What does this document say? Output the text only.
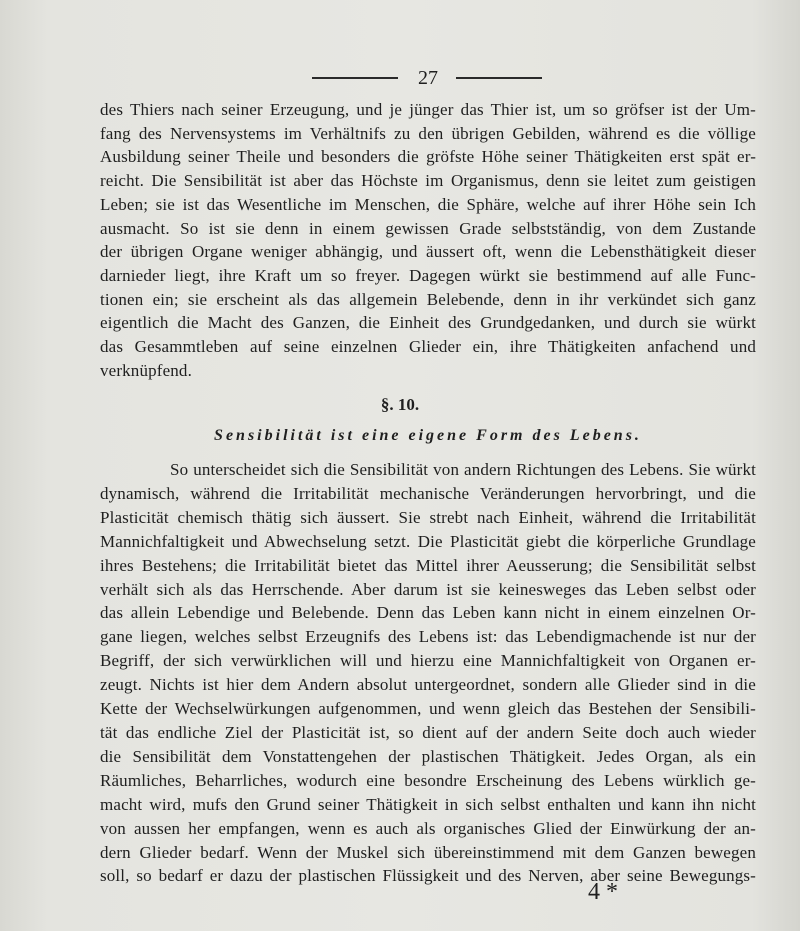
27
des Thiers nach seiner Erzeugung, und je jünger das Thier ist, um so gröfser ist der Um-
fang des Nervensystems im Verhältnifs zu den übrigen Gebilden, während es die völlige
Ausbildung seiner Theile und besonders die gröfste Höhe seiner Thätigkeiten erst spät er-
reicht. Die Sensibilität ist aber das Höchste im Organismus, denn sie leitet zum geistigen
Leben; sie ist das Wesentliche im Menschen, die Sphäre, welche auf ihrer Höhe sein Ich
ausmacht. So ist sie denn in einem gewissen Grade selbstständig, von dem Zustande
der übrigen Organe weniger abhängig, und äussert oft, wenn die Lebensthätigkeit dieser
darnieder liegt, ihre Kraft um so freyer. Dagegen würkt sie bestimmend auf alle Func-
tionen ein; sie erscheint als das allgemein Belebende, denn in ihr verkündet sich ganz
eigentlich die Macht des Ganzen, die Einheit des Grundgedanken, und durch sie würkt
das Gesammtleben auf seine einzelnen Glieder ein, ihre Thätigkeiten anfachend und
verknüpfend.
§. 10.
Sensibilität ist eine eigene Form des Lebens.
So unterscheidet sich die Sensibilität von andern Richtungen des Lebens. Sie würkt
dynamisch, während die Irritabilität mechanische Veränderungen hervorbringt, und die
Plasticität chemisch thätig sich äussert. Sie strebt nach Einheit, während die Irritabilität
Mannichfaltigkeit und Abwechselung setzt. Die Plasticität giebt die körperliche Grundlage
ihres Bestehens; die Irritabilität bietet das Mittel ihrer Aeusserung; die Sensibilität selbst
verhält sich als das Herrschende. Aber darum ist sie keinesweges das Leben selbst oder
das allein Lebendige und Belebende. Denn das Leben kann nicht in einem einzelnen Or-
gane liegen, welches selbst Erzeugnifs des Lebens ist: das Lebendigmachende ist nur der
Begriff, der sich verwürklichen will und hierzu eine Mannichfaltigkeit von Organen er-
zeugt. Nichts ist hier dem Andern absolut untergeordnet, sondern alle Glieder sind in die
Kette der Wechselwürkungen aufgenommen, und wenn gleich das Bestehen der Sensibili-
tät das endliche Ziel der Plasticität ist, so dient auf der andern Seite doch auch wieder
die Sensibilität dem Vonstattengehen der plastischen Thätigkeit. Jedes Organ, als ein
Räumliches, Beharrliches, wodurch eine besondre Erscheinung des Lebens würklich ge-
macht wird, mufs den Grund seiner Thätigkeit in sich selbst enthalten und kann ihn nicht
von aussen her empfangen, wenn es auch als organisches Glied der Einwürkung der an-
dern Glieder bedarf. Wenn der Muskel sich übereinstimmend mit dem Ganzen bewegen
soll, so bedarf er dazu der plastischen Flüssigkeit und des Nerven, aber seine Bewegungs-
4 *
